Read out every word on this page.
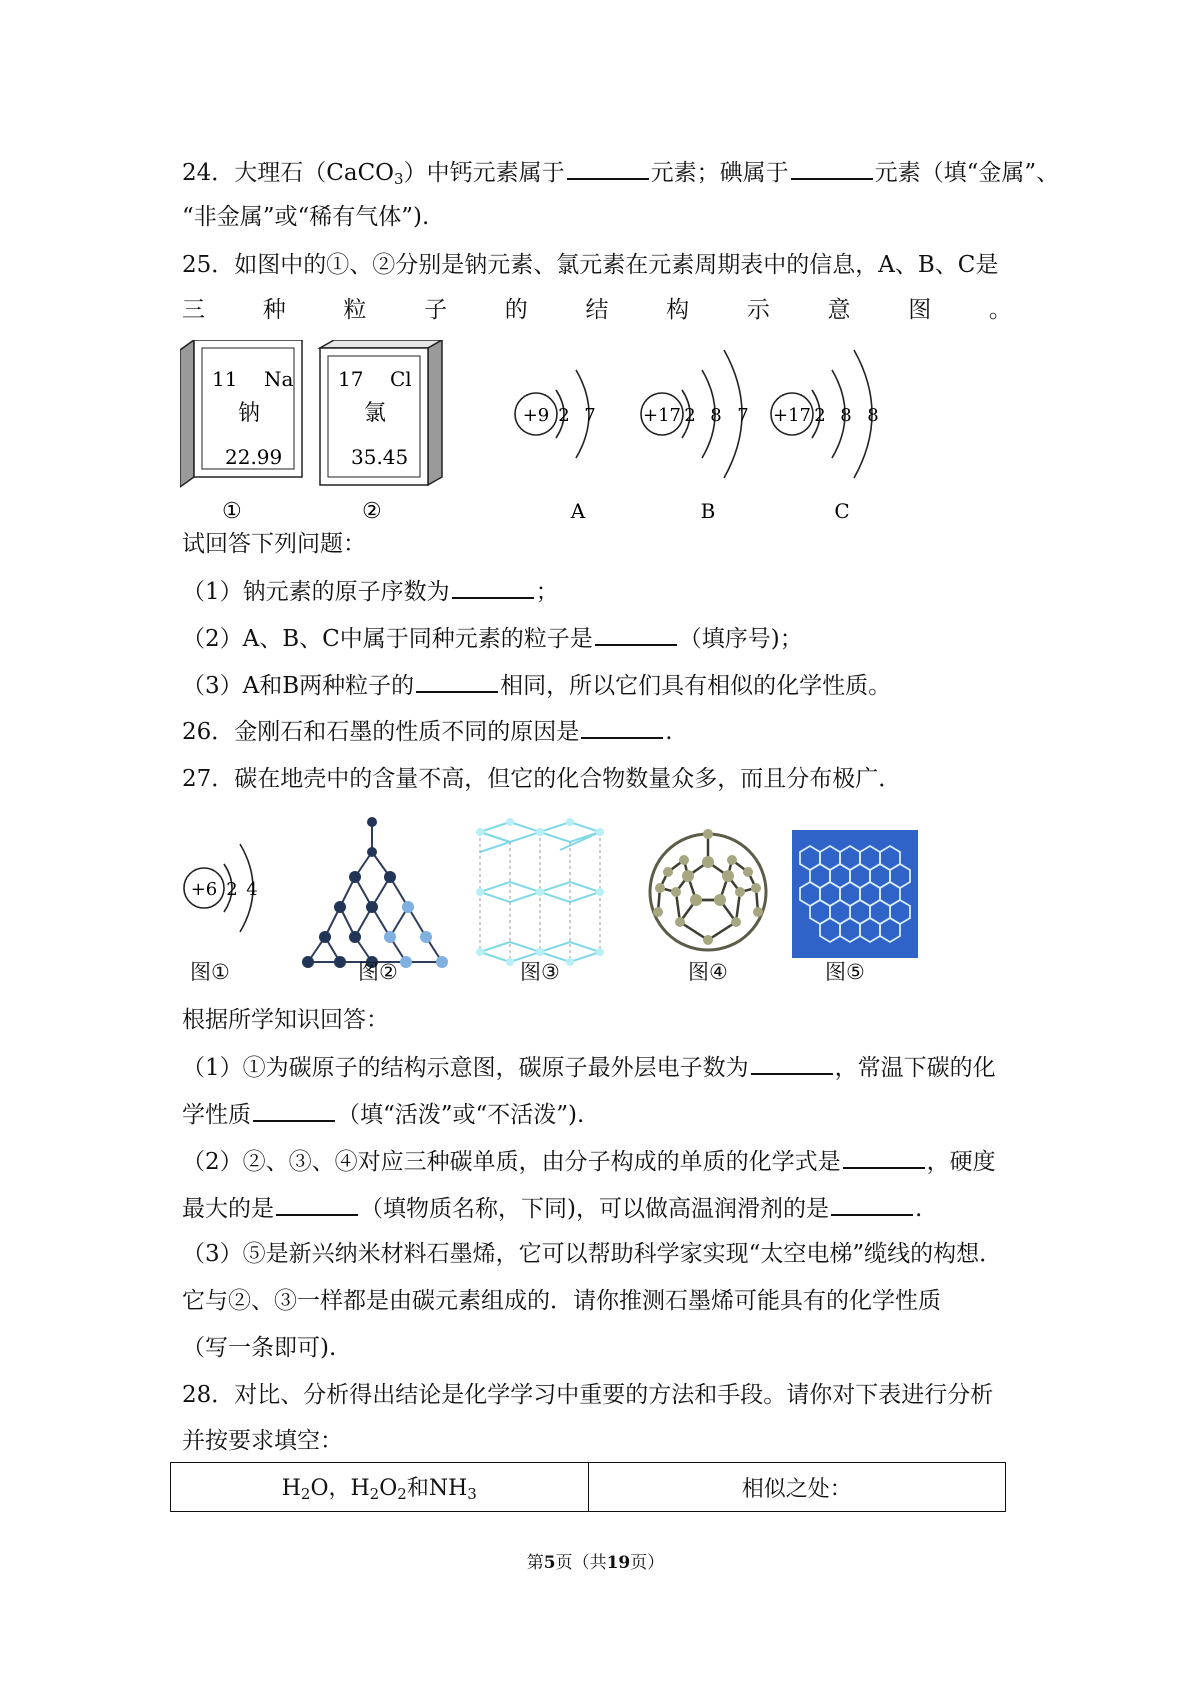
24．大理石（CaCO$_3$）中钙元素属于	元素；碘属于	元素（填“金属”、
“非金属”或“稀有气体”).
25．如图中的①、②分别是钠元素、氯元素在元素周期表中的信息，A、B、C是
三	种	粒	子	的	结	构	示	意	图	。
11 Na
钠
22.99
17 Cl
氯
35.45
①	②
+9 2 7
A
+17 2 8 7
B
+17 2 8 8
C
试回答下列问题：
（1）钠元素的原子序数为	；
（2）A、B、C中属于同种元素的粒子是	（填序号)；
（3）A和B两种粒子的	相同，所以它们具有相似的化学性质。
26．金刚石和石墨的性质不同的原因是	.
27．碳在地壳中的含量不高，但它的化合物数量众多，而且分布极广．
+6 2 4
图①	图②	图③	图④	图⑤
根据所学知识回答：
（1）①为碳原子的结构示意图，碳原子最外层电子数为	，常温下碳的化
学性质	（填“活泼”或“不活泼”).
（2）②、③、④对应三种碳单质，由分子构成的单质的化学式是	，硬度
最大的是	（填物质名称，下同)，可以做高温润滑剂的是	.
（3）⑤是新兴纳米材料石墨烯，它可以帮助科学家实现“太空电梯”缆线的构想．
它与②、③一样都是由碳元素组成的．请你推测石墨烯可能具有的化学性质
（写一条即可).
28．对比、分析得出结论是化学学习中重要的方法和手段。请你对下表进行分析
并按要求填空：
$H_2O$，$H_2O_2$和$NH_3$	相似之处：
第5页（共19页）
